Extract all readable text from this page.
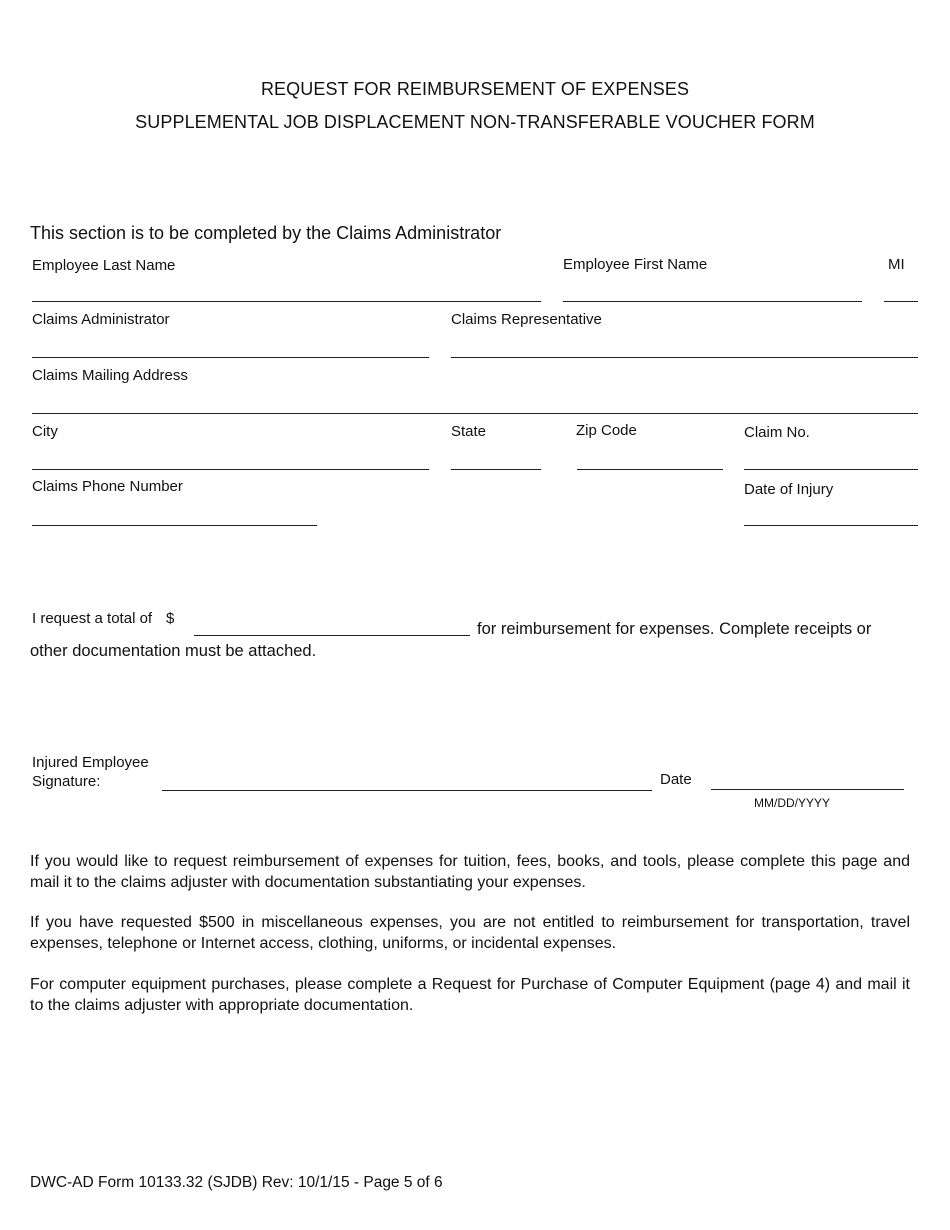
REQUEST FOR REIMBURSEMENT OF EXPENSES
SUPPLEMENTAL JOB DISPLACEMENT NON-TRANSFERABLE VOUCHER FORM
This section is to be completed by the Claims Administrator
Employee Last Name	Employee First Name	MI
Claims Administrator	Claims Representative
Claims Mailing Address
City	State	Zip Code	Claim No.
Claims Phone Number	Date of Injury
I request a total of $
for reimbursement for expenses. Complete receipts or
other documentation must be attached.
Injured Employee
Signature:	Date
MM/DD/YYYY
If you would like to request reimbursement of expenses for tuition, fees, books, and tools, please complete this page and mail it to the claims adjuster with documentation substantiating your expenses.
If you have requested $500 in miscellaneous expenses, you are not entitled to reimbursement for transportation, travel expenses, telephone or Internet access, clothing, uniforms, or incidental expenses.
For computer equipment purchases, please complete a Request for Purchase of Computer Equipment (page 4) and mail it to the claims adjuster with appropriate documentation.
DWC-AD Form 10133.32 (SJDB) Rev: 10/1/15 - Page 5 of 6
